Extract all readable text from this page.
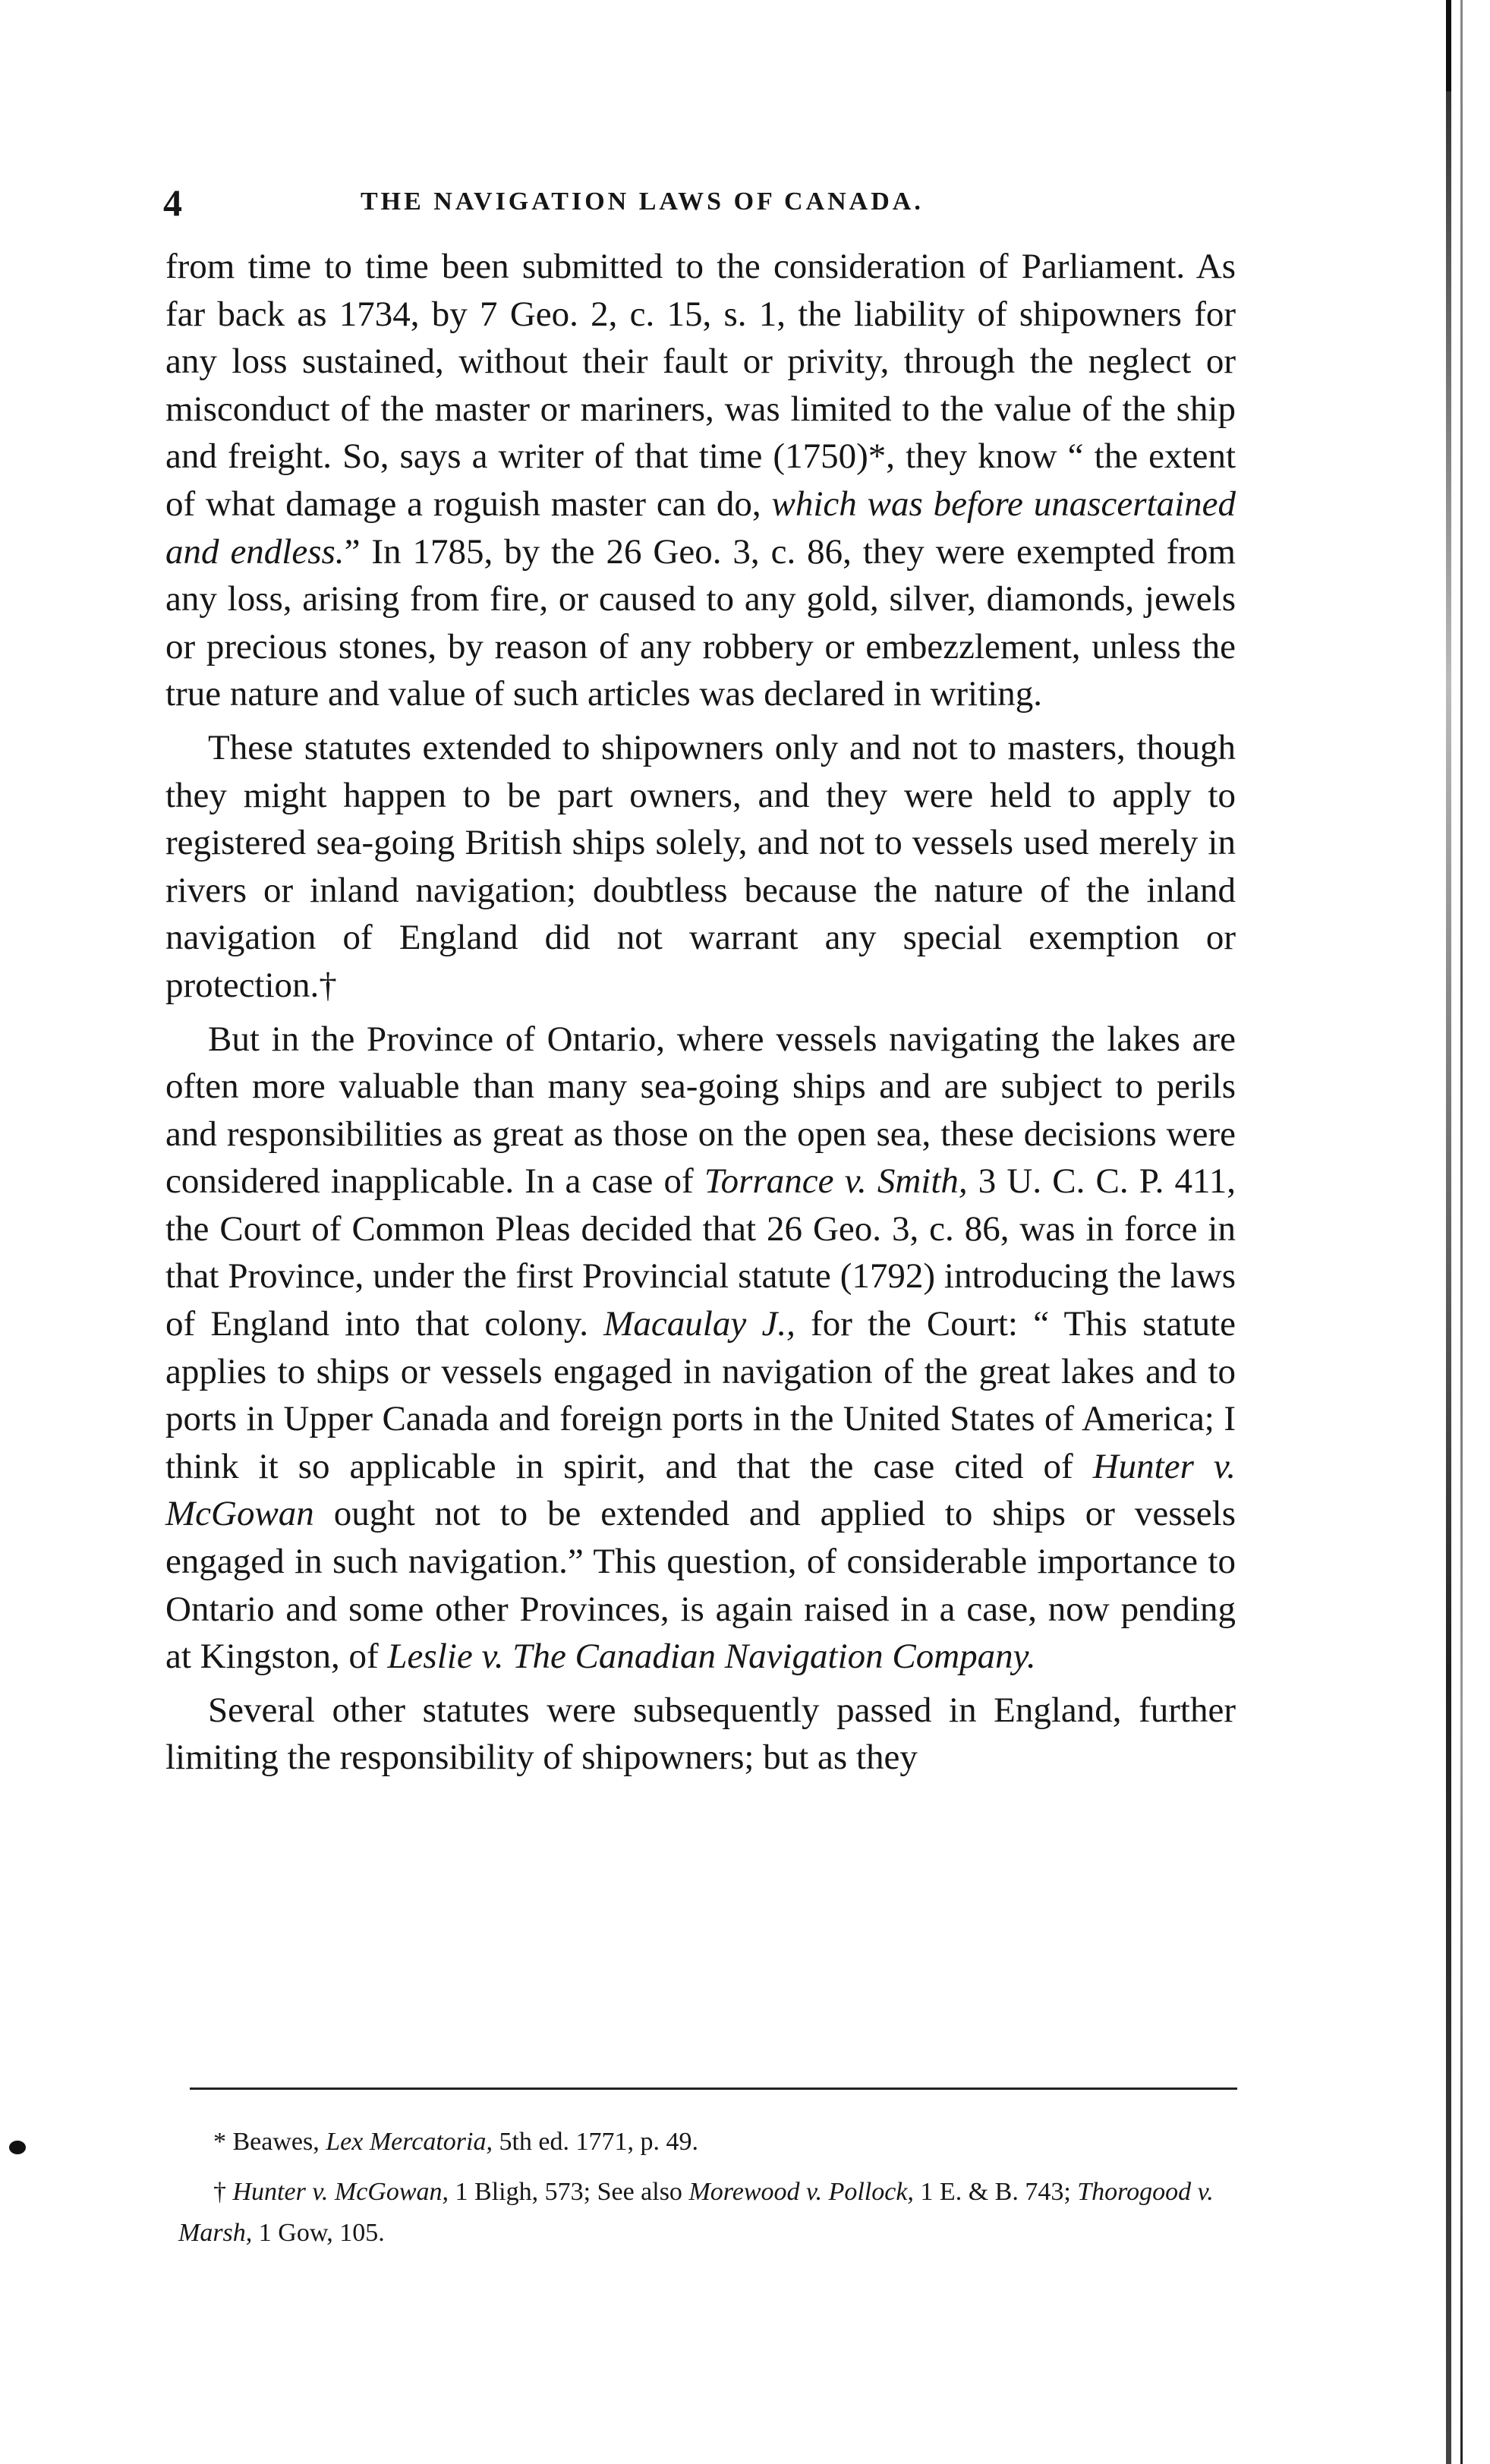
4	THE NAVIGATION LAWS OF CANADA.

from time to time been submitted to the consideration of Parliament. As far back as 1734, by 7 Geo. 2, c. 15, s. 1, the liability of shipowners for any loss sustained, without their fault or privity, through the neglect or misconduct of the master or mariners, was limited to the value of the ship and freight. So, says a writer of that time (1750)*, they know “ the extent of what damage a roguish master can do, which was before unascertained and endless.” In 1785, by the 26 Geo. 3, c. 86, they were exempted from any loss, arising from fire, or caused to any gold, silver, diamonds, jewels or precious stones, by reason of any robbery or embezzlement, unless the true nature and value of such articles was declared in writing.

These statutes extended to shipowners only and not to masters, though they might happen to be part owners, and they were held to apply to registered sea-going British ships solely, and not to vessels used merely in rivers or inland navigation; doubtless because the nature of the inland navigation of England did not warrant any special exemption or protection.†

But in the Province of Ontario, where vessels navigating the lakes are often more valuable than many sea-going ships and are subject to perils and responsibilities as great as those on the open sea, these decisions were considered inapplicable. In a case of Torrance v. Smith, 3 U. C. C. P. 411, the Court of Common Pleas decided that 26 Geo. 3, c. 86, was in force in that Province, under the first Provincial statute (1792) introducing the laws of England into that colony. Macaulay J., for the Court: “ This statute applies to ships or vessels engaged in navigation of the great lakes and to ports in Upper Canada and foreign ports in the United States of America; I think it so applicable in spirit, and that the case cited of Hunter v. McGowan ought not to be extended and applied to ships or vessels engaged in such navigation.” This question, of considerable importance to Ontario and some other Provinces, is again raised in a case, now pending at Kingston, of Leslie v. The Canadian Navigation Company.

Several other statutes were subsequently passed in England, further limiting the responsibility of shipowners; but as they

* Beawes, Lex Mercatoria, 5th ed. 1771, p. 49.

† Hunter v. McGowan, 1 Bligh, 573; See also Morewood v. Pollock, 1 E. & B. 743; Thorogood v. Marsh, 1 Gow, 105.
